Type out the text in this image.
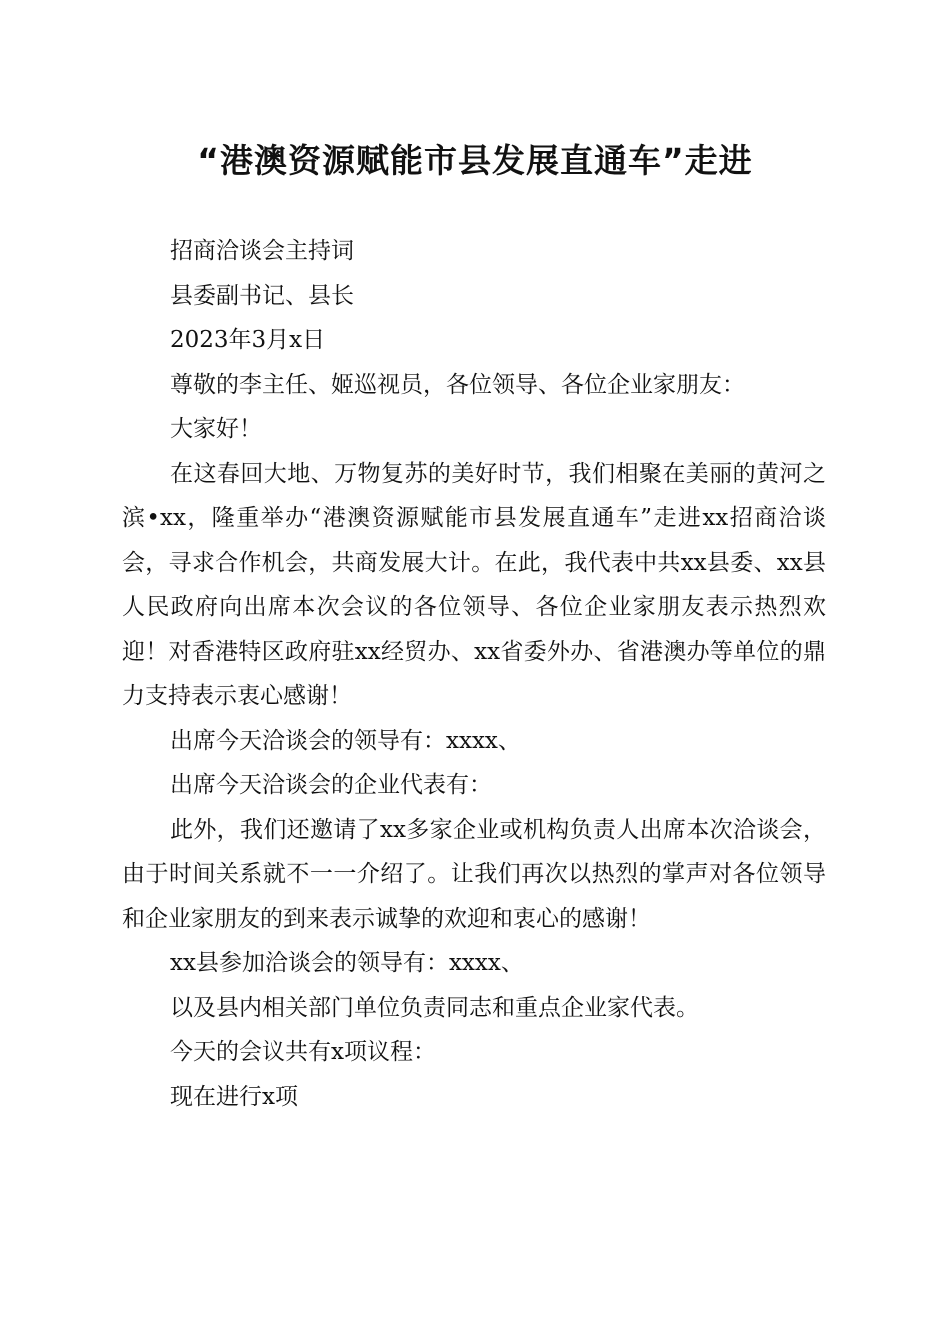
“港澳资源赋能市县发展直通车”走进

招商洽谈会主持词

县委副书记、县长

2023年3月x日

尊敬的李主任、姬巡视员，各位领导、各位企业家朋友：

大家好！

在这春回大地、万物复苏的美好时节，我们相聚在美丽的黄河之滨•xx，隆重举办“港澳资源赋能市县发展直通车”走进xx招商洽谈会，寻求合作机会，共商发展大计。在此，我代表中共xx县委、xx县人民政府向出席本次会议的各位领导、各位企业家朋友表示热烈欢迎！对香港特区政府驻xx经贸办、xx省委外办、省港澳办等单位的鼎力支持表示衷心感谢！

出席今天洽谈会的领导有：xxxx、

出席今天洽谈会的企业代表有：

此外，我们还邀请了xx多家企业或机构负责人出席本次洽谈会，由于时间关系就不一一介绍了。让我们再次以热烈的掌声对各位领导和企业家朋友的到来表示诚挚的欢迎和衷心的感谢！

xx县参加洽谈会的领导有：xxxx、

以及县内相关部门单位负责同志和重点企业家代表。

今天的会议共有x项议程：

现在进行x项
